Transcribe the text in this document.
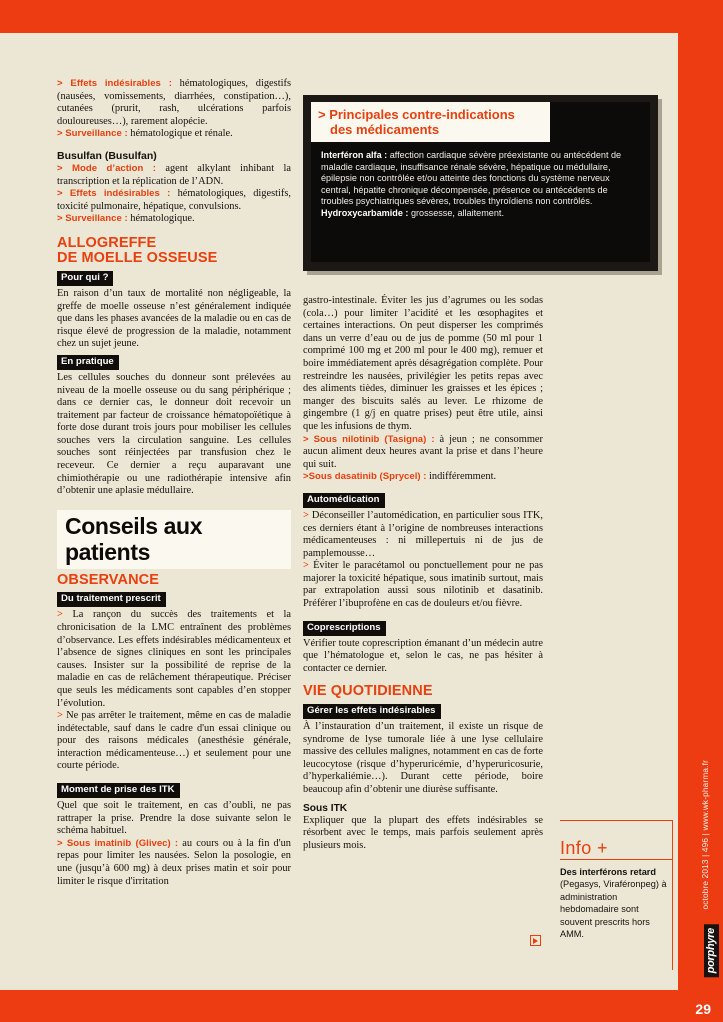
octobre 2013 | 496 | www.wk-pharma.fr
porphyre
29

> Effets indésirables : hématologiques, digestifs (nausées, vomissements, diarrhées, constipation…), cutanées (prurit, rash, ulcérations parfois douloureuses…), rarement alopécie.

> Surveillance : hématologique et rénale.

Busulfan (Busulfan)

> Mode d’action : agent alkylant inhibant la transcription et la réplication de l’ADN.

> Effets indésirables : hématologiques, digestifs, toxicité pulmonaire, hépatique, convulsions.

> Surveillance : hématologique.

ALLOGREFFE
DE MOELLE OSSEUSE
Pour qui ?

En raison d’un taux de mortalité non négligeable, la greffe de moelle osseuse n’est généralement indiquée que dans les phases avancées de la maladie ou en cas de risque élevé de progression de la maladie, notamment chez un sujet jeune.

En pratique

Les cellules souches du donneur sont prélevées au niveau de la moelle osseuse ou du sang périphérique ; dans ce dernier cas, le donneur doit recevoir un traitement par facteur de croissance hématopoïétique à forte dose durant trois jours pour mobiliser les cellules souches vers la circulation sanguine. Les cellules souches sont réinjectées par transfusion chez le receveur. Ce dernier a reçu auparavant une chimiothérapie ou une radiothérapie intensive afin d’obtenir une aplasie médullaire.

Conseils aux patients
OBSERVANCE
Du traitement prescrit

> La rançon du succès des traitements et la chronicisation de la LMC entraînent des problèmes d’observance. Les effets indésirables médicamenteux et l’absence de signes cliniques en sont les principales causes. Insister sur la possibilité de reprise de la maladie en cas de relâchement thérapeutique. Préciser que seuls les médicaments sont capables d’en stopper l’évolution.

> Ne pas arrêter le traitement, même en cas de maladie indétectable, sauf dans le cadre d'un essai clinique ou pour des raisons médicales (anesthésie générale, interaction médicamenteuse…) et seulement pour une courte période.

Moment de prise des ITK

Quel que soit le traitement, en cas d’oubli, ne pas rattraper la prise. Prendre la dose suivante selon le schéma habituel.

> Sous imatinib (Glivec) : au cours ou à la fin d'un repas pour limiter les nausées. Selon la posologie, en une (jusqu’à 600 mg) à deux prises matin et soir pour limiter le risque d'irritation

> Principales contre-indications
des médicaments

Interféron alfa : affection cardiaque sévère préexistante ou antécédent de maladie cardiaque, insuffisance rénale sévère, hépatique ou médullaire, épilepsie non contrôlée et/ou atteinte des fonctions du système nerveux central, hépatite chronique décompensée, présence ou antécédents de troubles psychiatriques sévères, troubles thyroïdiens non contrôlés.

Hydroxycarbamide : grossesse, allaitement.

gastro-intestinale. Éviter les jus d’agrumes ou les sodas (cola…) pour limiter l’acidité et les œsophagites et certaines interactions. On peut disperser les comprimés dans un verre d’eau ou de jus de pomme (50 ml pour 1 comprimé 100 mg et 200 ml pour le 400 mg), remuer et boire immédiatement après désagrégation complète. Pour restreindre les nausées, privilégier les petits repas avec des aliments tièdes, diminuer les graisses et les épices ; manger des biscuits salés au lever. Le rhizome de gingembre (1 g/j en quatre prises) peut être utile, ainsi que les infusions de thym.

> Sous nilotinib (Tasigna) : à jeun ; ne consommer aucun aliment deux heures avant la prise et dans l’heure qui suit.

>Sous dasatinib (Sprycel) : indifféremment.

Automédication

> Déconseiller l’automédication, en particulier sous ITK, ces derniers étant à l’origine de nombreuses interactions médicamenteuses : ni millepertuis ni de jus de pamplemousse…

> Éviter le paracétamol ou ponctuellement pour ne pas majorer la toxicité hépatique, sous imatinib surtout, mais par extrapolation aussi sous nilotinib et dasatinib. Préférer l’ibuprofène en cas de douleurs et/ou fièvre.

Coprescriptions

Vérifier toute coprescription émanant d’un médecin autre que l’hématologue et, selon le cas, ne pas hésiter à contacter ce dernier.

VIE QUOTIDIENNE
Gérer les effets indésirables

À l’instauration d’un traitement, il existe un risque de syndrome de lyse tumorale liée à une lyse cellulaire massive des cellules malignes, notamment en cas de forte leucocytose (risque d’hyperuricémie, d’hyperuricosurie, d’hyperkaliémie…). Durant cette période, boire beaucoup afin d’obtenir une diurèse suffisante.

Sous ITK

Expliquer que la plupart des effets indésirables se résorbent avec le temps, mais parfois seulement après plusieurs mois.	Info +
Des interférons retard (Pegasys, Viraféronpeg) à administration hebdomadaire sont souvent prescrits hors AMM.
